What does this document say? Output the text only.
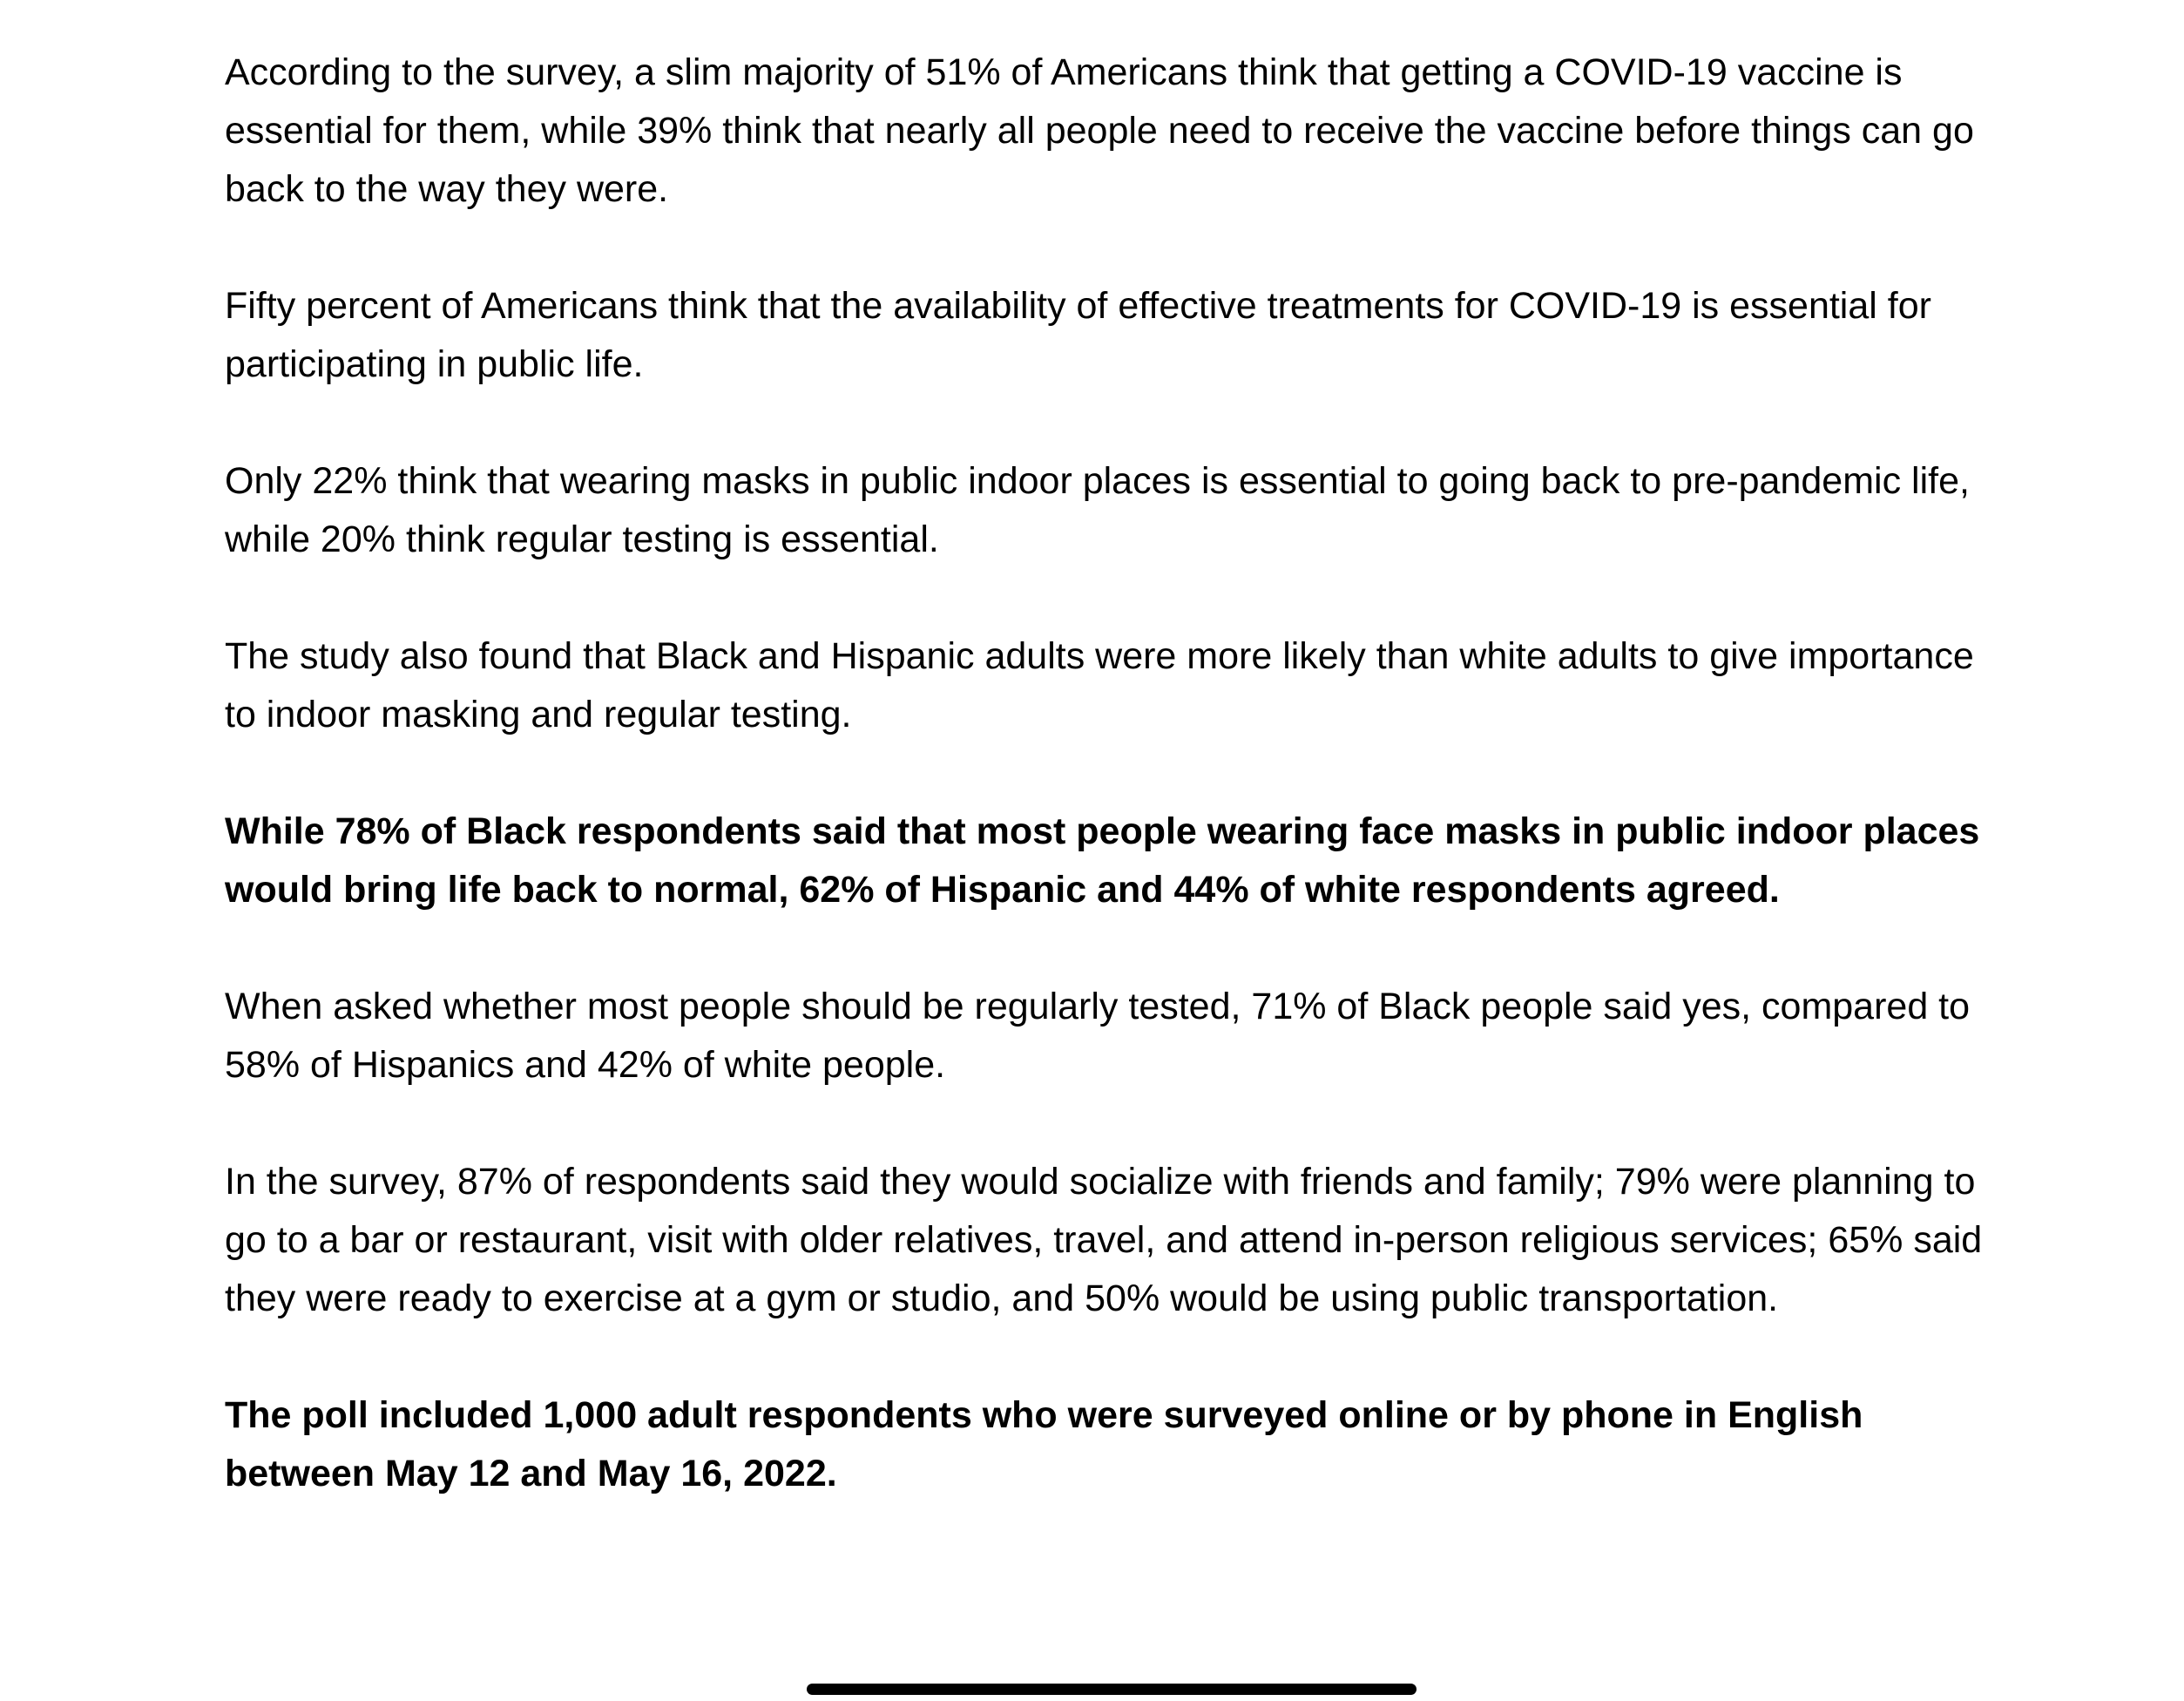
According to the survey, a slim majority of 51% of Americans think that getting a COVID-19 vaccine is essential for them, while 39% think that nearly all people need to receive the vaccine before things can go back to the way they were.

Fifty percent of Americans think that the availability of effective treatments for COVID-19 is essential for participating in public life.

Only 22% think that wearing masks in public indoor places is essential to going back to pre-pandemic life, while 20% think regular testing is essential.

The study also found that Black and Hispanic adults were more likely than white adults to give importance to indoor masking and regular testing.

While 78% of Black respondents said that most people wearing face masks in public indoor places would bring life back to normal, 62% of Hispanic and 44% of white respondents agreed.

When asked whether most people should be regularly tested, 71% of Black people said yes, compared to 58% of Hispanics and 42% of white people.

In the survey, 87% of respondents said they would socialize with friends and family; 79% were planning to go to a bar or restaurant, visit with older relatives, travel, and attend in-person religious services; 65% said they were ready to exercise at a gym or studio, and 50% would be using public transportation.

The poll included 1,000 adult respondents who were surveyed online or by phone in English between May 12 and May 16, 2022.
